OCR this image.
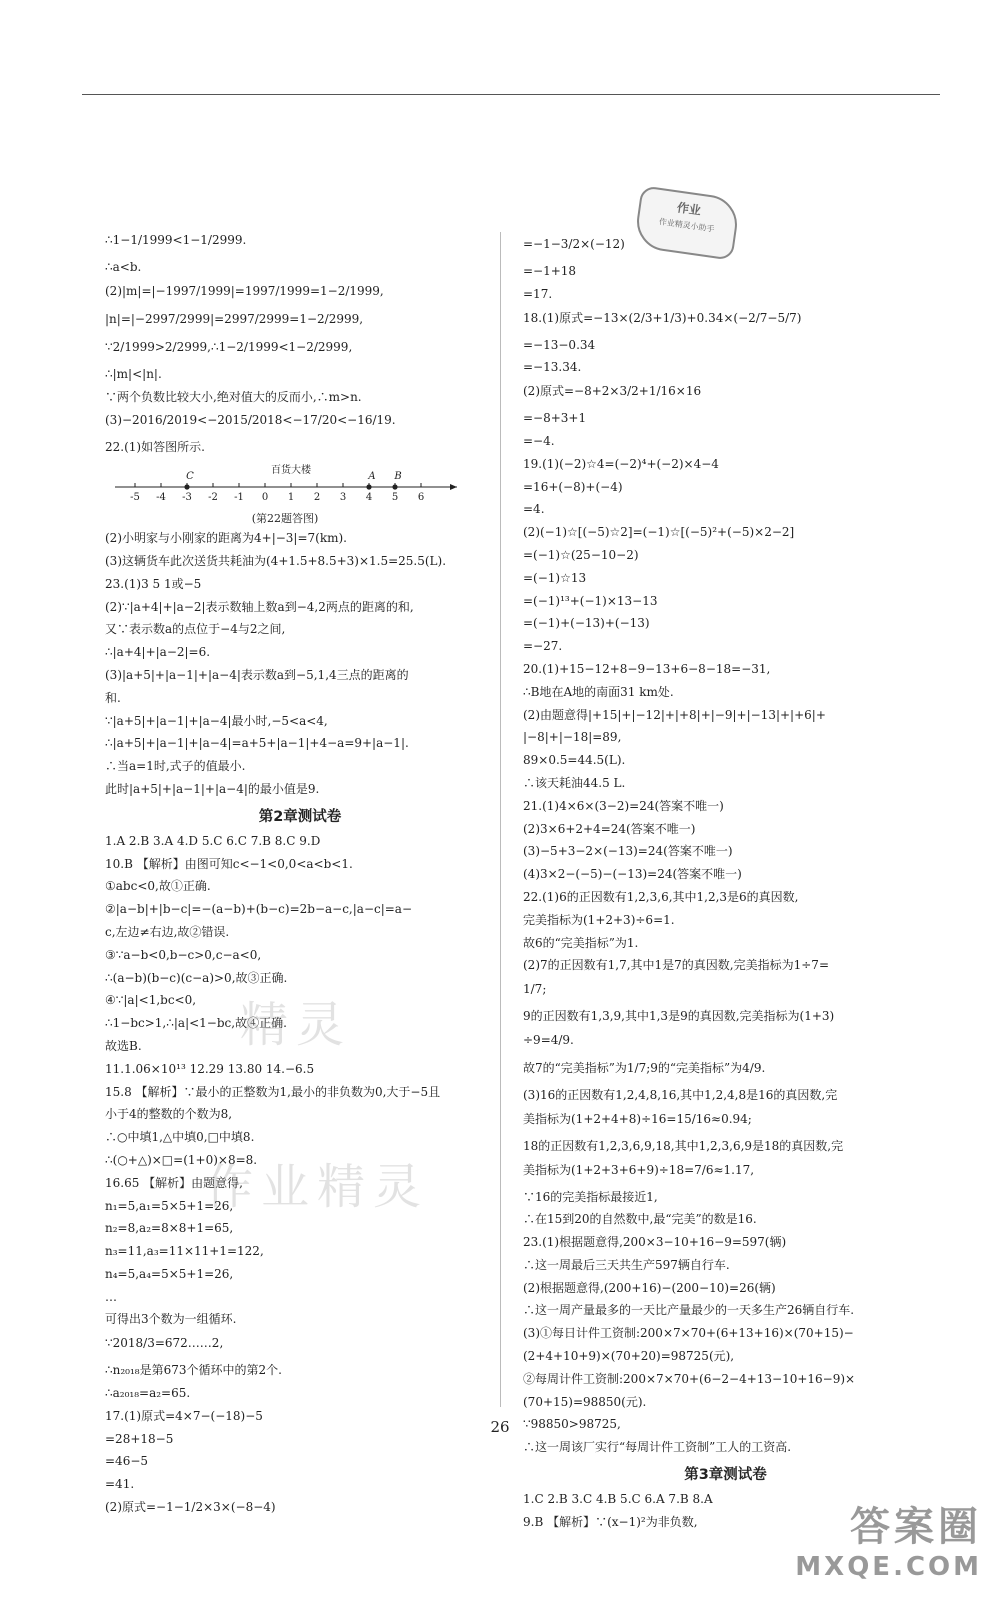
作业
作业精灵小助手
∴1−1/1999<1−1/2999.
∴a<b.
(2)|m|=|−1997/1999|=1997/1999=1−2/1999,
|n|=|−2997/2999|=2997/2999=1−2/2999,
∵2/1999>2/2999,∴1−2/1999<1−2/2999,
∴|m|<|n|.
∵两个负数比较大小,绝对值大的反而小,∴m>n.
(3)−2016/2019<−2015/2018<−17/20<−16/19.
22.(1)如答图所示.
-5 -4 -3 -2 -1 0 1 2 3 4 5 6
C	A B
百货大楼
(第22题答图)
(2)小明家与小刚家的距离为4+|−3|=7(km).
(3)这辆货车此次送货共耗油为(4+1.5+8.5+3)×1.5=25.5(L).
23.(1)3 5 1或−5
(2)∵|a+4|+|a−2|表示数轴上数a到−4,2两点的距离的和,
又∵表示数a的点位于−4与2之间,
∴|a+4|+|a−2|=6.
(3)|a+5|+|a−1|+|a−4|表示数a到−5,1,4三点的距离的
和.
∵|a+5|+|a−1|+|a−4|最小时,−5<a<4,
∴|a+5|+|a−1|+|a−4|=a+5+|a−1|+4−a=9+|a−1|.
∴当a=1时,式子的值最小.
此时|a+5|+|a−1|+|a−4|的最小值是9.
第2章测试卷
1.A 2.B 3.A 4.D 5.C 6.C 7.B 8.C 9.D
10.B 【解析】由图可知c<−1<0,0<a<b<1.
①abc<0,故①正确.
②|a−b|+|b−c|=−(a−b)+(b−c)=2b−a−c,|a−c|=a−
c,左边≠右边,故②错误.
③∵a−b<0,b−c>0,c−a<0,
∴(a−b)(b−c)(c−a)>0,故③正确.
④∵|a|<1,bc<0,
∴1−bc>1,∴|a|<1−bc,故④正确.
故选B.
11.1.06×10¹³ 12.29 13.80 14.−6.5
15.8 【解析】∵最小的正整数为1,最小的非负数为0,大于−5且
小于4的整数的个数为8,
∴○中填1,△中填0,□中填8.
∴(○+△)×□=(1+0)×8=8.
16.65 【解析】由题意得,
n₁=5,a₁=5×5+1=26,
n₂=8,a₂=8×8+1=65,
n₃=11,a₃=11×11+1=122,
n₄=5,a₄=5×5+1=26,
…
可得出3个数为一组循环.
∵2018/3=672……2,
∴n₂₀₁₈是第673个循环中的第2个.
∴a₂₀₁₈=a₂=65.
17.(1)原式=4×7−(−18)−5
=28+18−5
=46−5
=41.
(2)原式=−1−1/2×3×(−8−4)
=−1−3/2×(−12)
=−1+18
=17.
18.(1)原式=−13×(2/3+1/3)+0.34×(−2/7−5/7)
=−13−0.34
=−13.34.
(2)原式=−8+2×3/2+1/16×16
=−8+3+1
=−4.
19.(1)(−2)☆4=(−2)⁴+(−2)×4−4
=16+(−8)+(−4)
=4.
(2)(−1)☆[(−5)☆2]=(−1)☆[(−5)²+(−5)×2−2]
=(−1)☆(25−10−2)
=(−1)☆13
=(−1)¹³+(−1)×13−13
=(−1)+(−13)+(−13)
=−27.
20.(1)+15−12+8−9−13+6−8−18=−31,
∴B地在A地的南面31 km处.
(2)由题意得|+15|+|−12|+|+8|+|−9|+|−13|+|+6|+
|−8|+|−18|=89,
89×0.5=44.5(L).
∴该天耗油44.5 L.
21.(1)4×6×(3−2)=24(答案不唯一)
(2)3×6+2+4=24(答案不唯一)
(3)−5+3−2×(−13)=24(答案不唯一)
(4)3×2−(−5)−(−13)=24(答案不唯一)
22.(1)6的正因数有1,2,3,6,其中1,2,3是6的真因数,
完美指标为(1+2+3)÷6=1.
故6的“完美指标”为1.
(2)7的正因数有1,7,其中1是7的真因数,完美指标为1÷7=
1/7;
9的正因数有1,3,9,其中1,3是9的真因数,完美指标为(1+3)
÷9=4/9.
故7的“完美指标”为1/7;9的“完美指标”为4/9.
(3)16的正因数有1,2,4,8,16,其中1,2,4,8是16的真因数,完
美指标为(1+2+4+8)÷16=15/16≈0.94;
18的正因数有1,2,3,6,9,18,其中1,2,3,6,9是18的真因数,完
美指标为(1+2+3+6+9)÷18=7/6≈1.17,
∵16的完美指标最接近1,
∴在15到20的自然数中,最“完美”的数是16.
23.(1)根据题意得,200×3−10+16−9=597(辆)
∴这一周最后三天共生产597辆自行车.
(2)根据题意得,(200+16)−(200−10)=26(辆)
∴这一周产量最多的一天比产量最少的一天多生产26辆自行车.
(3)①每日计件工资制:200×7×70+(6+13+16)×(70+15)−
(2+4+10+9)×(70+20)=98725(元),
②每周计件工资制:200×7×70+(6−2−4+13−10+16−9)×
(70+15)=98850(元).
∵98850>98725,
∴这一周该厂实行“每周计件工资制”工人的工资高.
第3章测试卷
1.C 2.B 3.C 4.B 5.C 6.A 7.B 8.A
9.B 【解析】∵(x−1)²为非负数,
26
精灵
作业精灵
答案圈
MXQE.COM
